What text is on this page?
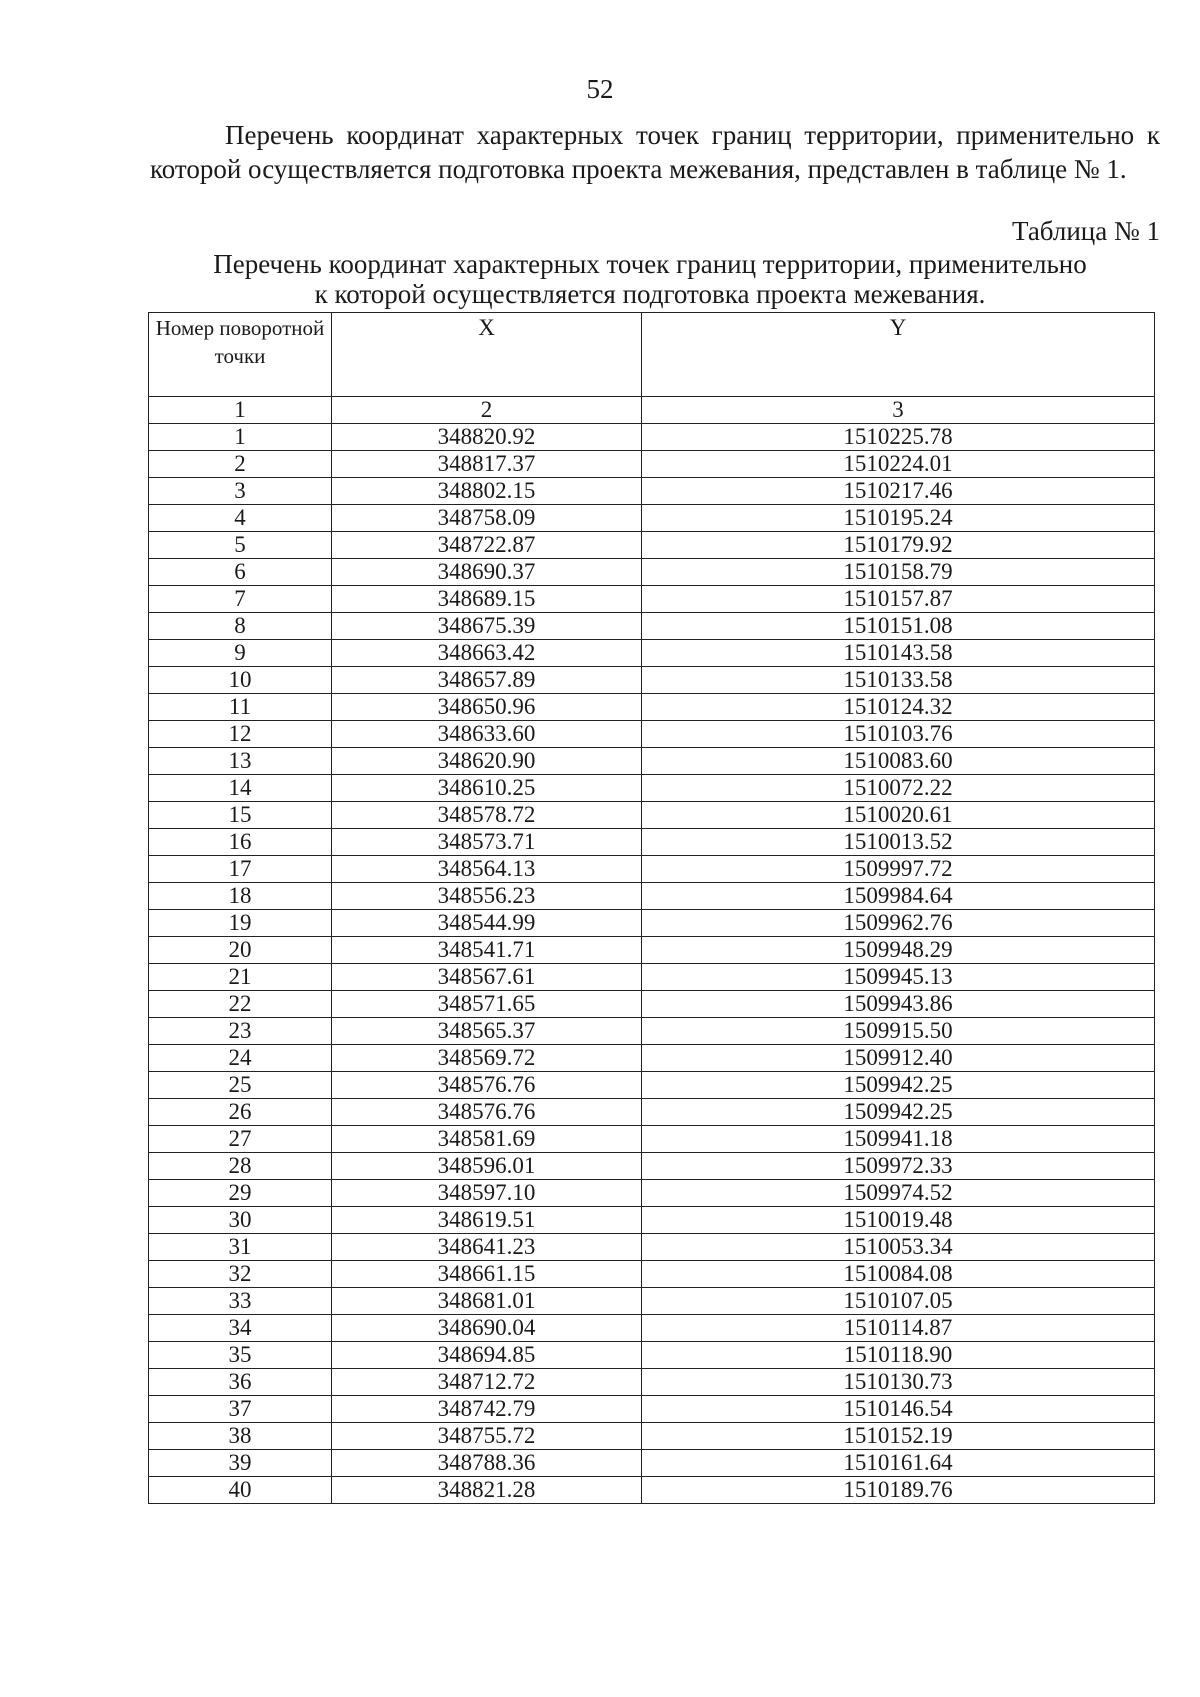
52

Перечень координат характерных точек границ территории, применительно к которой осуществляется подготовка проекта межевания, представлен в таблице № 1.

Таблица № 1
Перечень координат характерных точек границ территории, применительно
к которой осуществляется подготовка проекта межевания.
Номер поворотной точки	X	Y
1	2	3
1	348820.92	1510225.78
2	348817.37	1510224.01
3	348802.15	1510217.46
4	348758.09	1510195.24
5	348722.87	1510179.92
6	348690.37	1510158.79
7	348689.15	1510157.87
8	348675.39	1510151.08
9	348663.42	1510143.58
10	348657.89	1510133.58
11	348650.96	1510124.32
12	348633.60	1510103.76
13	348620.90	1510083.60
14	348610.25	1510072.22
15	348578.72	1510020.61
16	348573.71	1510013.52
17	348564.13	1509997.72
18	348556.23	1509984.64
19	348544.99	1509962.76
20	348541.71	1509948.29
21	348567.61	1509945.13
22	348571.65	1509943.86
23	348565.37	1509915.50
24	348569.72	1509912.40
25	348576.76	1509942.25
26	348576.76	1509942.25
27	348581.69	1509941.18
28	348596.01	1509972.33
29	348597.10	1509974.52
30	348619.51	1510019.48
31	348641.23	1510053.34
32	348661.15	1510084.08
33	348681.01	1510107.05
34	348690.04	1510114.87
35	348694.85	1510118.90
36	348712.72	1510130.73
37	348742.79	1510146.54
38	348755.72	1510152.19
39	348788.36	1510161.64
40	348821.28	1510189.76
